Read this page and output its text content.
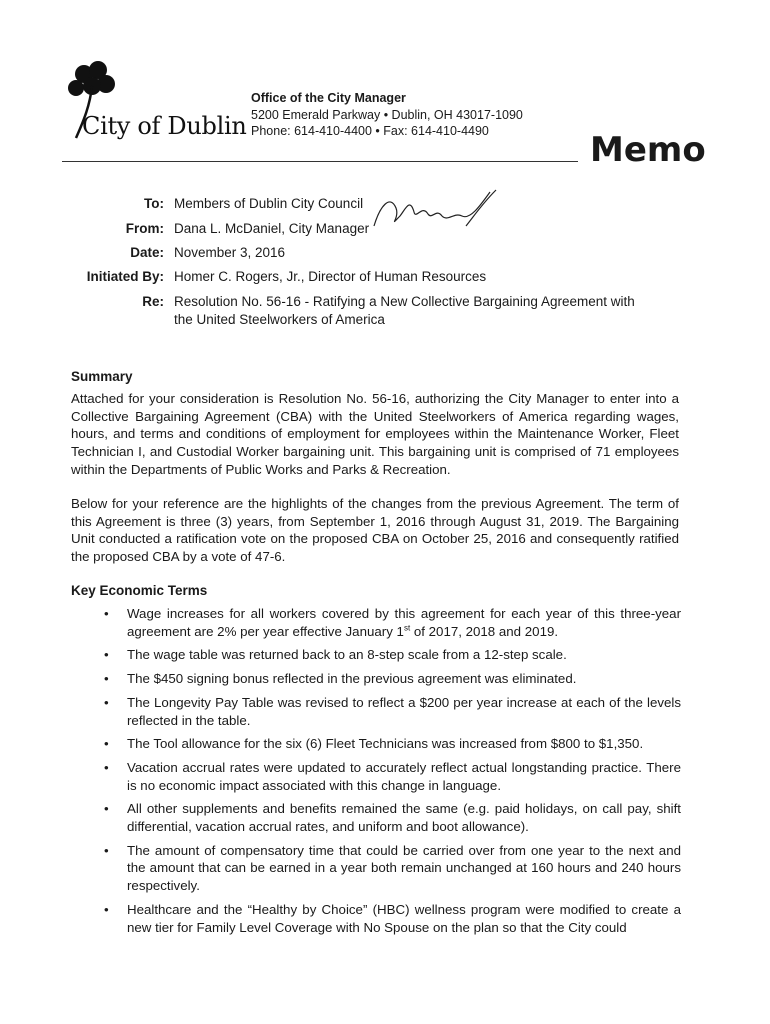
City of Dublin
Office of the City Manager
5200 Emerald Parkway • Dublin, OH 43017-1090
Phone: 614-410-4400 • Fax: 614-410-4490	Memo
To: Members of Dublin City Council
From: Dana L. McDaniel, City Manager
Date: November 3, 2016
Initiated By: Homer C. Rogers, Jr., Director of Human Resources
Re: Resolution No. 56-16 - Ratifying a New Collective Bargaining Agreement with
the United Steelworkers of America
Summary

Attached for your consideration is Resolution No. 56-16, authorizing the City Manager to enter into a Collective Bargaining Agreement (CBA) with the United Steelworkers of America regarding wages, hours, and terms and conditions of employment for employees within the Maintenance Worker, Fleet Technician I, and Custodial Worker bargaining unit. This bargaining unit is comprised of 71 employees within the Departments of Public Works and Parks & Recreation.

Below for your reference are the highlights of the changes from the previous Agreement. The term of this Agreement is three (3) years, from September 1, 2016 through August 31, 2019. The Bargaining Unit conducted a ratification vote on the proposed CBA on October 25, 2016 and consequently ratified the proposed CBA by a vote of 47-6.

Key Economic Terms
• Wage increases for all workers covered by this agreement for each year of this three-year agreement are 2% per year effective January 1st of 2017, 2018 and 2019.
• The wage table was returned back to an 8-step scale from a 12-step scale.
• The $450 signing bonus reflected in the previous agreement was eliminated.
• The Longevity Pay Table was revised to reflect a $200 per year increase at each of the levels reflected in the table.
• The Tool allowance for the six (6) Fleet Technicians was increased from $800 to $1,350.
• Vacation accrual rates were updated to accurately reflect actual longstanding practice. There is no economic impact associated with this change in language.
• All other supplements and benefits remained the same (e.g. paid holidays, on call pay, shift differential, vacation accrual rates, and uniform and boot allowance).
• The amount of compensatory time that could be carried over from one year to the next and the amount that can be earned in a year both remain unchanged at 160 hours and 240 hours respectively.
• Healthcare and the “Healthy by Choice” (HBC) wellness program were modified to create a new tier for Family Level Coverage with No Spouse on the plan so that the City could
